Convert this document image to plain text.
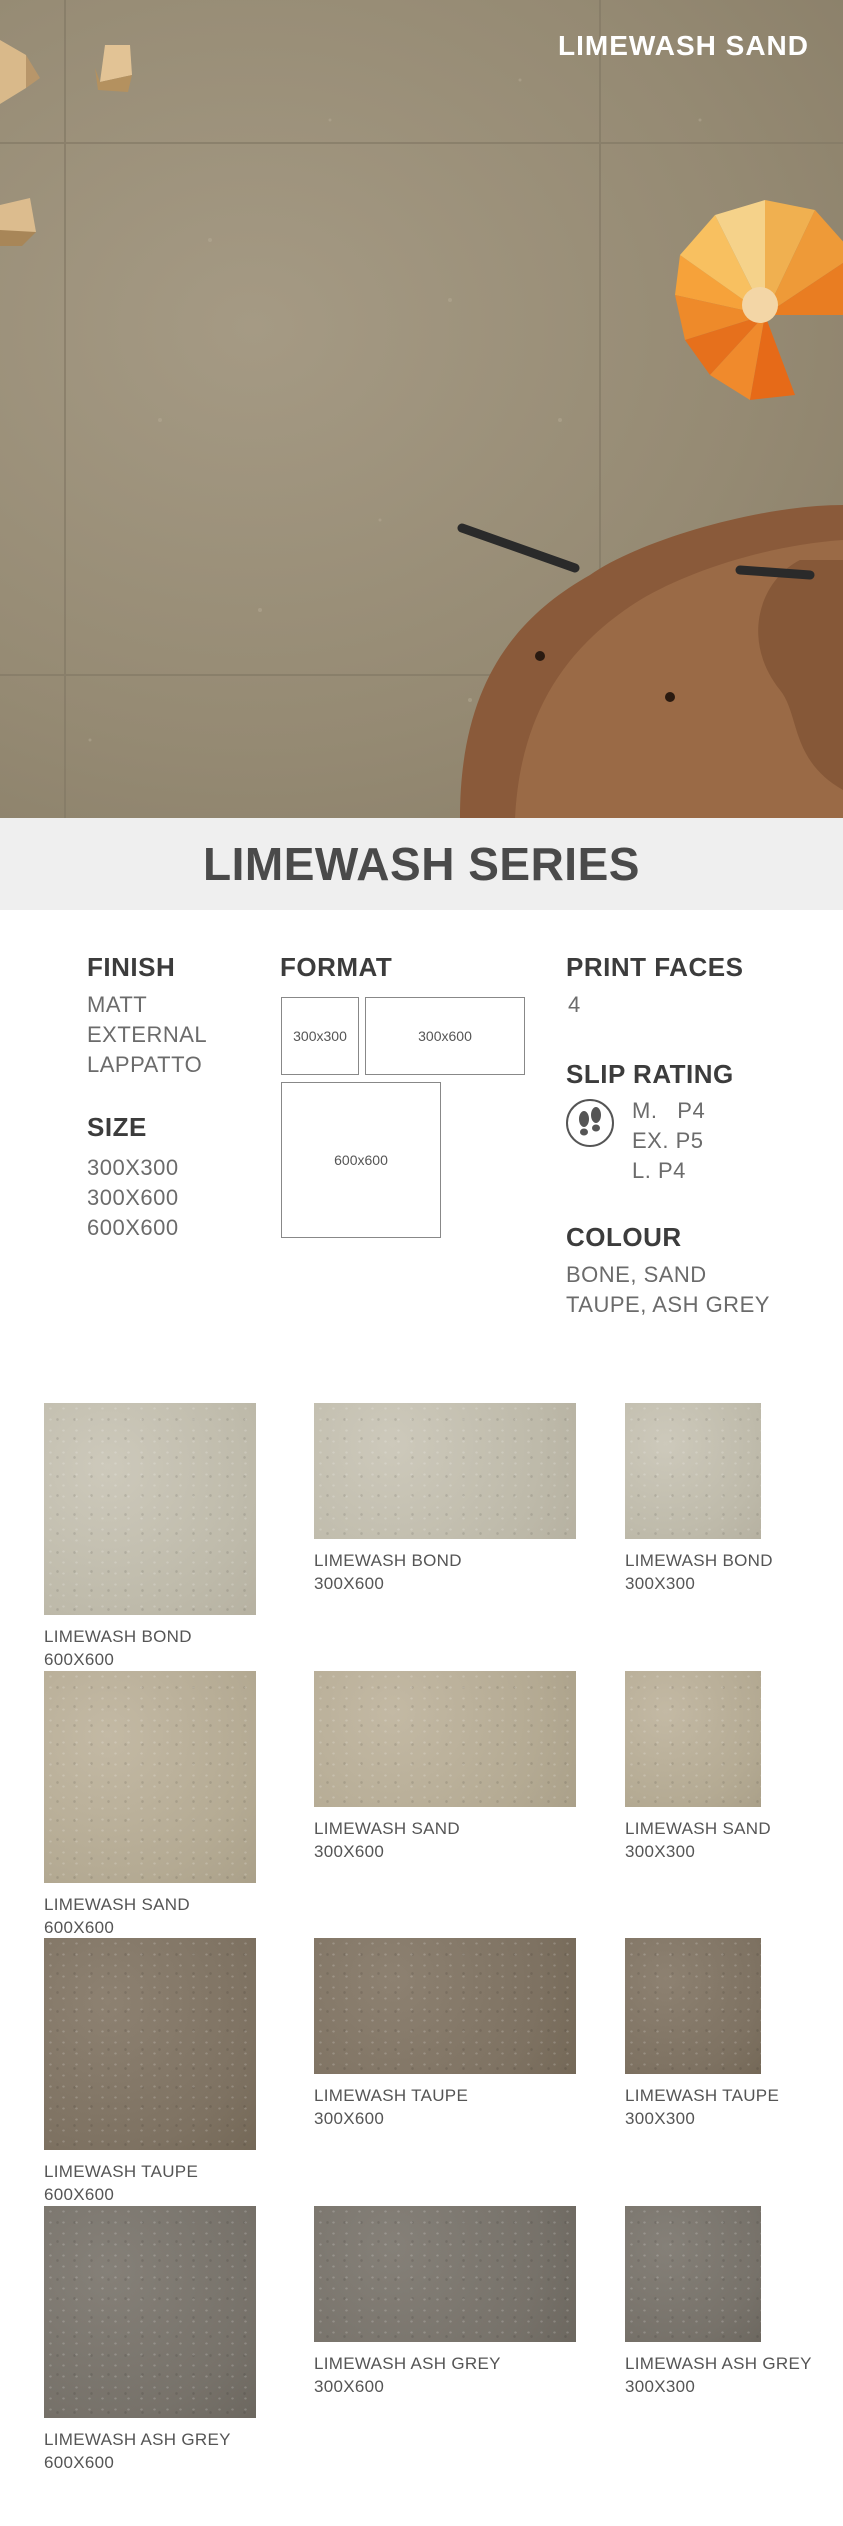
LIMEWASH SAND
LIMEWASH SERIES
FINISH
MATT
EXTERNAL
LAPPATTO
SIZE
300X300
300X600
600X600
FORMAT
300x300	300x600
600x600
PRINT FACES
4
SLIP RATING
M.   P4
EX. P5
L. P4
COLOUR
BONE, SAND
TAUPE, ASH GREY
LIMEWASH BOND
600X600
LIMEWASH BOND
300X600
LIMEWASH BOND
300X300
LIMEWASH SAND
600X600
LIMEWASH SAND
300X600
LIMEWASH SAND
300X300
LIMEWASH TAUPE
600X600
LIMEWASH TAUPE
300X600
LIMEWASH TAUPE
300X300
LIMEWASH ASH GREY
600X600
LIMEWASH ASH GREY
300X600
LIMEWASH ASH GREY
300X300
